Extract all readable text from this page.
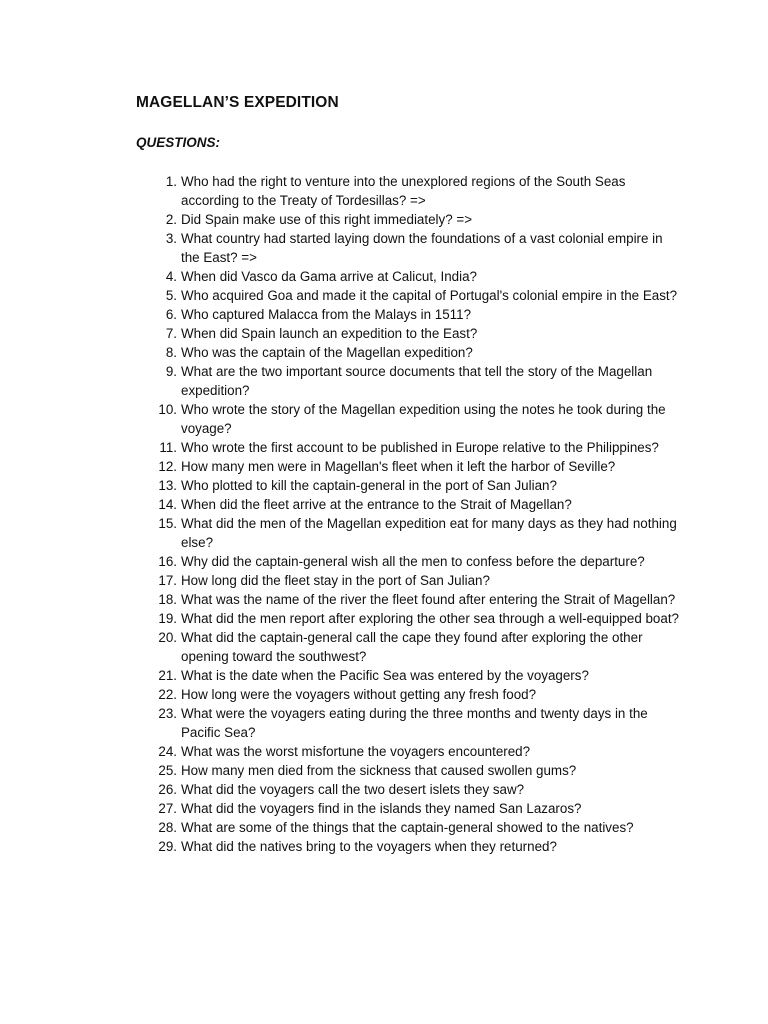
MAGELLAN’S EXPEDITION

QUESTIONS:

1. Who had the right to venture into the unexplored regions of the South Seas according to the Treaty of Tordesillas? =>
2. Did Spain make use of this right immediately? =>
3. What country had started laying down the foundations of a vast colonial empire in the East? =>
4. When did Vasco da Gama arrive at Calicut, India?
5. Who acquired Goa and made it the capital of Portugal's colonial empire in the East?
6. Who captured Malacca from the Malays in 1511?
7. When did Spain launch an expedition to the East?
8. Who was the captain of the Magellan expedition?
9. What are the two important source documents that tell the story of the Magellan expedition?
10. Who wrote the story of the Magellan expedition using the notes he took during the voyage?
11. Who wrote the first account to be published in Europe relative to the Philippines?
12. How many men were in Magellan's fleet when it left the harbor of Seville?
13. Who plotted to kill the captain-general in the port of San Julian?
14. When did the fleet arrive at the entrance to the Strait of Magellan?
15. What did the men of the Magellan expedition eat for many days as they had nothing else?
16. Why did the captain-general wish all the men to confess before the departure?
17. How long did the fleet stay in the port of San Julian?
18. What was the name of the river the fleet found after entering the Strait of Magellan?
19. What did the men report after exploring the other sea through a well-equipped boat?
20. What did the captain-general call the cape they found after exploring the other opening toward the southwest?
21. What is the date when the Pacific Sea was entered by the voyagers?
22. How long were the voyagers without getting any fresh food?
23. What were the voyagers eating during the three months and twenty days in the Pacific Sea?
24. What was the worst misfortune the voyagers encountered?
25. How many men died from the sickness that caused swollen gums?
26. What did the voyagers call the two desert islets they saw?
27. What did the voyagers find in the islands they named San Lazaros?
28. What are some of the things that the captain-general showed to the natives?
29. What did the natives bring to the voyagers when they returned?
